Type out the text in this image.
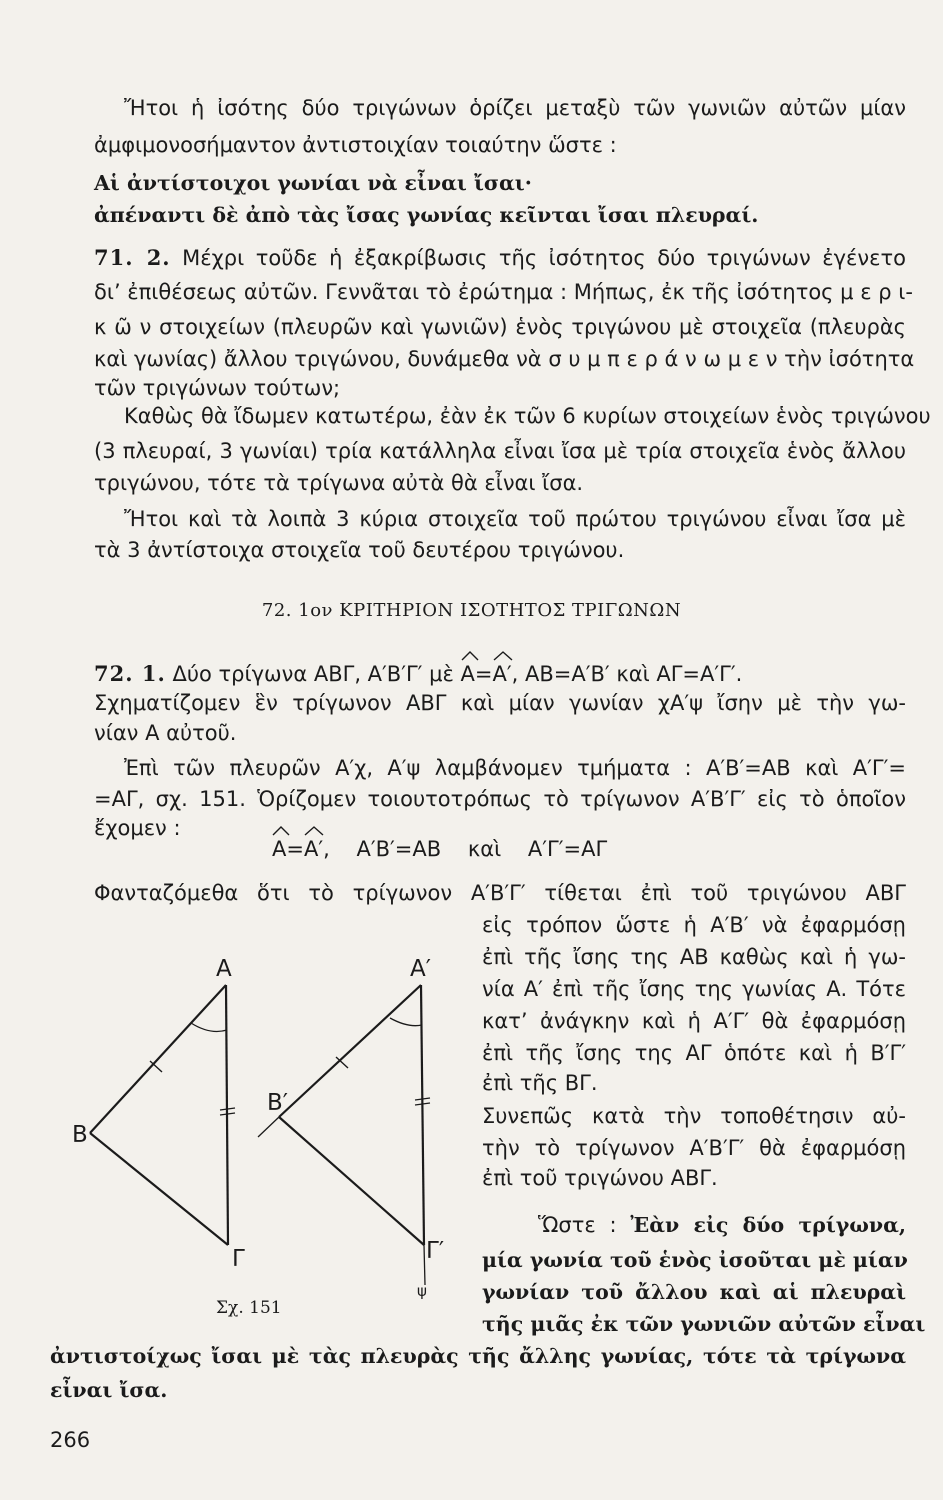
Ἤτοι ἡ ἰσότης δύο τριγώνων ὁρίζει μεταξὺ τῶν γωνιῶν αὐτῶν μίαν
ἀμφιμονοσήμαντον ἀντιστοιχίαν τοιαύτην ὥστε :
Αἱ ἀντίστοιχοι γωνίαι νὰ εἶναι ἴσαι·
ἀπέναντι δὲ ἀπὸ τὰς ἴσας γωνίας κεῖνται ἴσαι πλευραί.
71. 2. Μέχρι τοῦδε ἡ ἐξακρίβωσις τῆς ἰσότητος δύο τριγώνων ἐγένετο
δι’ ἐπιθέσεως αὐτῶν. Γεννᾶται τὸ ἐρώτημα : Μήπως, ἐκ τῆς ἰσότητος μ ε ρ ι-
κ ῶ ν στοιχείων (πλευρῶν καὶ γωνιῶν) ἑνὸς τριγώνου μὲ στοιχεῖα (πλευρὰς
καὶ γωνίας) ἄλλου τριγώνου, δυνάμεθα νὰ σ υ μ π ε ρ ά ν ω μ ε ν τὴν ἰσότητα
τῶν τριγώνων τούτων;
Καθὼς θὰ ἴδωμεν κατωτέρω, ἐὰν ἐκ τῶν 6 κυρίων στοιχείων ἑνὸς τριγώνου
(3 πλευραί, 3 γωνίαι) τρία κατάλληλα εἶναι ἴσα μὲ τρία στοιχεῖα ἑνὸς ἄλλου
τριγώνου, τότε τὰ τρίγωνα αὐτὰ θὰ εἶναι ἴσα.
Ἤτοι καὶ τὰ λοιπὰ 3 κύρια στοιχεῖα τοῦ πρώτου τριγώνου εἶναι ἴσα μὲ
τὰ 3 ἀντίστοιχα στοιχεῖα τοῦ δευτέρου τριγώνου.
72. 1ον ΚΡΙΤΗΡΙΟΝ ΙΣΟΤΗΤΟΣ ΤΡΙΓΩΝΩΝ
72. 1. Δύο τρίγωνα ΑΒΓ, Α′Β′Γ′ μὲ
Α=
Α′, ΑΒ=Α′Β′ καὶ ΑΓ=Α′Γ′.
Σχηματίζομεν ἓν τρίγωνον ΑΒΓ καὶ μίαν γωνίαν χΑ′ψ ἴσην μὲ τὴν γω-
νίαν Α αὐτοῦ.
Ἐπὶ τῶν πλευρῶν Α′χ, Α′ψ λαμβάνομεν τμήματα : Α′Β′=ΑΒ καὶ Α′Γ′=
=ΑΓ, σχ. 151. Ὁρίζομεν τοιουτοτρόπως τὸ τρίγωνον Α′Β′Γ′ εἰς τὸ ὁποῖον
ἔχομεν :
Α=
Α′,    Α′Β′=ΑΒ    καὶ    Α′Γ′=ΑΓ
Φανταζόμεθα ὅτι τὸ τρίγωνον Α′Β′Γ′ τίθεται ἐπὶ τοῦ τριγώνου ΑΒΓ
εἰς τρόπον ὥστε ἡ Α′Β′ νὰ ἐφαρμόσῃ
ἐπὶ τῆς ἴσης της ΑΒ καθὼς καὶ ἡ γω-
νία Α′ ἐπὶ τῆς ἴσης της γωνίας Α. Τότε
κατ’ ἀνάγκην καὶ ἡ Α′Γ′ θὰ ἐφαρμόσῃ
ἐπὶ τῆς ἴσης της ΑΓ ὁπότε καὶ ἡ Β′Γ′
ἐπὶ τῆς ΒΓ.
Συνεπῶς κατὰ τὴν τοποθέτησιν αὐ-
τὴν τὸ τρίγωνον Α′Β′Γ′ θὰ ἐφαρμόσῃ
ἐπὶ τοῦ τριγώνου ΑΒΓ.
Ὥστε : Ἐὰν εἰς δύο τρίγωνα,
μία γωνία τοῦ ἑνὸς ἰσοῦται μὲ μίαν
γωνίαν τοῦ ἄλλου καὶ αἱ πλευραὶ
τῆς μιᾶς ἐκ τῶν γωνιῶν αὐτῶν εἶναι
ἀντιστοίχως ἴσαι μὲ τὰς πλευρὰς τῆς ἄλλης γωνίας, τότε τὰ τρίγωνα
εἶναι ἴσα.
Α
Β
Γ
Α′
Β′
Γ′
ψ
Σχ. 151
266
